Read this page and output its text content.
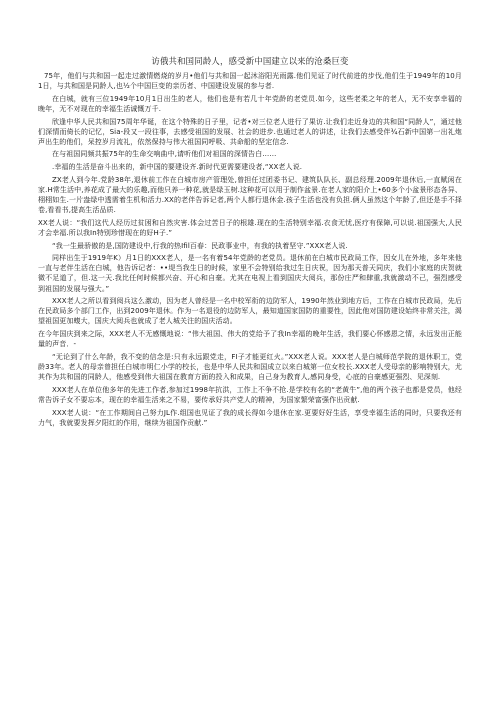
访俄共和国同龄人，感受新中国建立以来的沧桑巨变

75年，他们与共和国一起走过激情燃烧的岁月•他们与共和国一起沐浴阳光雨露.他们见证了时代前进的步伐,他们生于1949年的10月1日，与共和国是同龄人,也½个中国巨变的亲历者、中国建设发展的参与者.

在白城，就有三位1949年10月1日出生的老人，他们也是有若几十年党龄的老党员.如今，这些老柔之年的老人，无不安享幸福的晚年，无不对现在的幸福生活诚慨万千.

欣逢中华人民共和国75周年华诞，在这个特殊的日子里，记者•对三位老人进行了果访.让我们走近身边的共和国“同龄人”，通过他们深情而倚长的记忆，Sia-段又一段往事，去感受祖国的发展、社会的进步.也通过老人的讲述，让我们去感受伴¾石新中国第一出礼炮声出生的他们，呆控岁月流礼，依然保持与伟大祖国同呼吸、共命船的坚定信念.

在与祖国同频共振75年的生命交响曲中,请听他们对祖国的深情告白……

.幸福的生活是奋斗出来的，新中国的要建设齐.新时代更需要建设者,“XX老人说.

ZX老人到今年.党龄38年,退休前工作在白城市房产管理处,曾担任过团委书记、建筑队队长、副总经理.2009年退休后,一直赋闲在家.H常生活中,养花成了最大的乐趣,而他只养一种花,就是绿玉树.这种花可以用于制作盆景.在老人家的阳介上•60多个小盆景形态各异、栩栩如生.一片盎绿中透需着生机和活力.XX的老伴告诉记者,两个人都行退休金.孩子生活也没有负担.俩人虽然这个年龄了,但还是手不择卷,看看书,提高生活品质.

XX老人说：“我们这代人经历过贫困和自然灾害.体会过苦日子的根雄.现在的生活特别幸福.衣食无忧,医疗有保障,可以说.祖国强大,人民才会幸福.所以我In特别珍惜现在的好H子.”

“我一生最骄傲的是,国防建设中,行我的热Ifil百春：民政事业中，有我的执着坚守.”XXX老人说.

同样出生于1919年K）月1日的XXX老人，是一名有着54年党龄的老党员。退休前在白城市民政局工作，因女儿在外地，多年来他一直与老伴生活在白城，他告诉记者：••堤当我生日的时候，家里不会特别给我过生日庆祝，因为那天普天同庆，我们小家庭的庆贺就微不足道了，但.这一天.我比任何时候都兴奋、开心和自豪。尤其在电视上看到国庆大阅兵，那份庄严和肆重,我就激动不己，强烈感受到祖国的发展与强大。”

XXX老人之所以看到阅兵这么激动，因为老人曾经是一名中校军衔的边防军人，1990年然业到地方后，工作在白城市民政局，先后在民政局多个部门工作，出到2009年退休。作为一名退役的边防军人，最知道国家国防的重要性，因此他对国防建设始终非常关注，渴望祖国更加蝮大，国庆大阅兵也就成了老人城关注的国庆活动。

在今年国庆到来之际，XXX老人不无感慨地说：“伟大祖国、伟大的党给予了我In幸福的晚年生活，我们要心怀感恩之情，永远发出正能量的声音．-

“无论到了什么年龄，我不变的信念是:只有永远跟党走，FI子才能更红火。”XXX老人说。XXX老人是白城师范学院的退休职工，党龄33年。老人的母亲曾担任白城市明仁小学的校长，也是中华人民共和国成立以来白城第一位女校长.XXX老人受母亲的影响特别大，尤其作为共和国的同龄人，他感受到伟大祖国在教育方面的投入和成果，自己身为教育人,感同身受，心底的自豪感更强烈、见深刻.

XXX老人在单位他多年的先进工作者,参加过1998年抗洪，工作上不争不抢.是学校有名的“老黄牛”,他的两个孩子也都是党员，他经常告诉子女不要忘本，现在的幸福生活来之不易，要传承好共产党人的精神，为国家繁荣富强作出贡献.

XXX老人说：“在工作期间自己努力JL作.组国也见证了我的成长得如今退休在家.更要好好生活，享受幸福生活的同时，只要我还有力气，我就要发挥夕阳红的作用，继续为祖国作贡献.”
